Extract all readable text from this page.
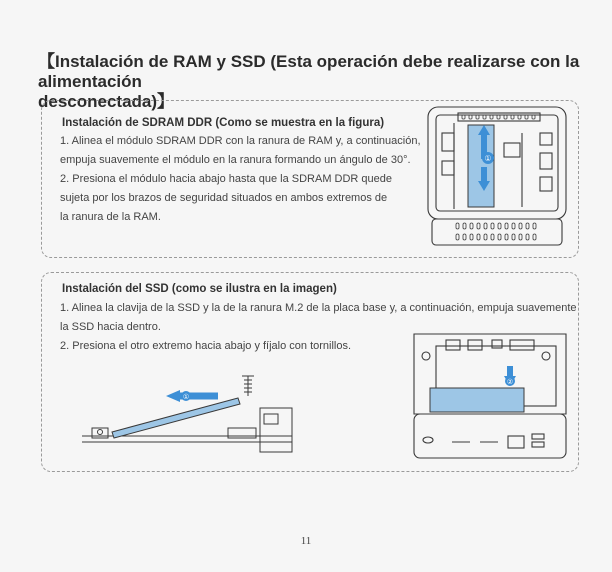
【Instalación de RAM y SSD (Esta operación debe realizarse con la alimentación
desconectada)】
Instalación de SDRAM DDR (Como se muestra en la figura)
1. Alinea el módulo SDRAM DDR con la ranura de RAM y, a continuación,
empuja suavemente el módulo en la ranura formando un ángulo de 30°.
2. Presiona el módulo hacia abajo hasta que la SDRAM DDR quede
sujeta por los brazos de seguridad situados en ambos extremos de
la ranura de la RAM.
①
Instalación del SSD (como se ilustra en la imagen)
1. Alinea la clavija de la SSD y la de la ranura M.2 de la placa base y, a continuación, empuja suavemente
la SSD hacia dentro.
2. Presiona el otro extremo hacia abajo y fíjalo con tornillos.
①
②
11
